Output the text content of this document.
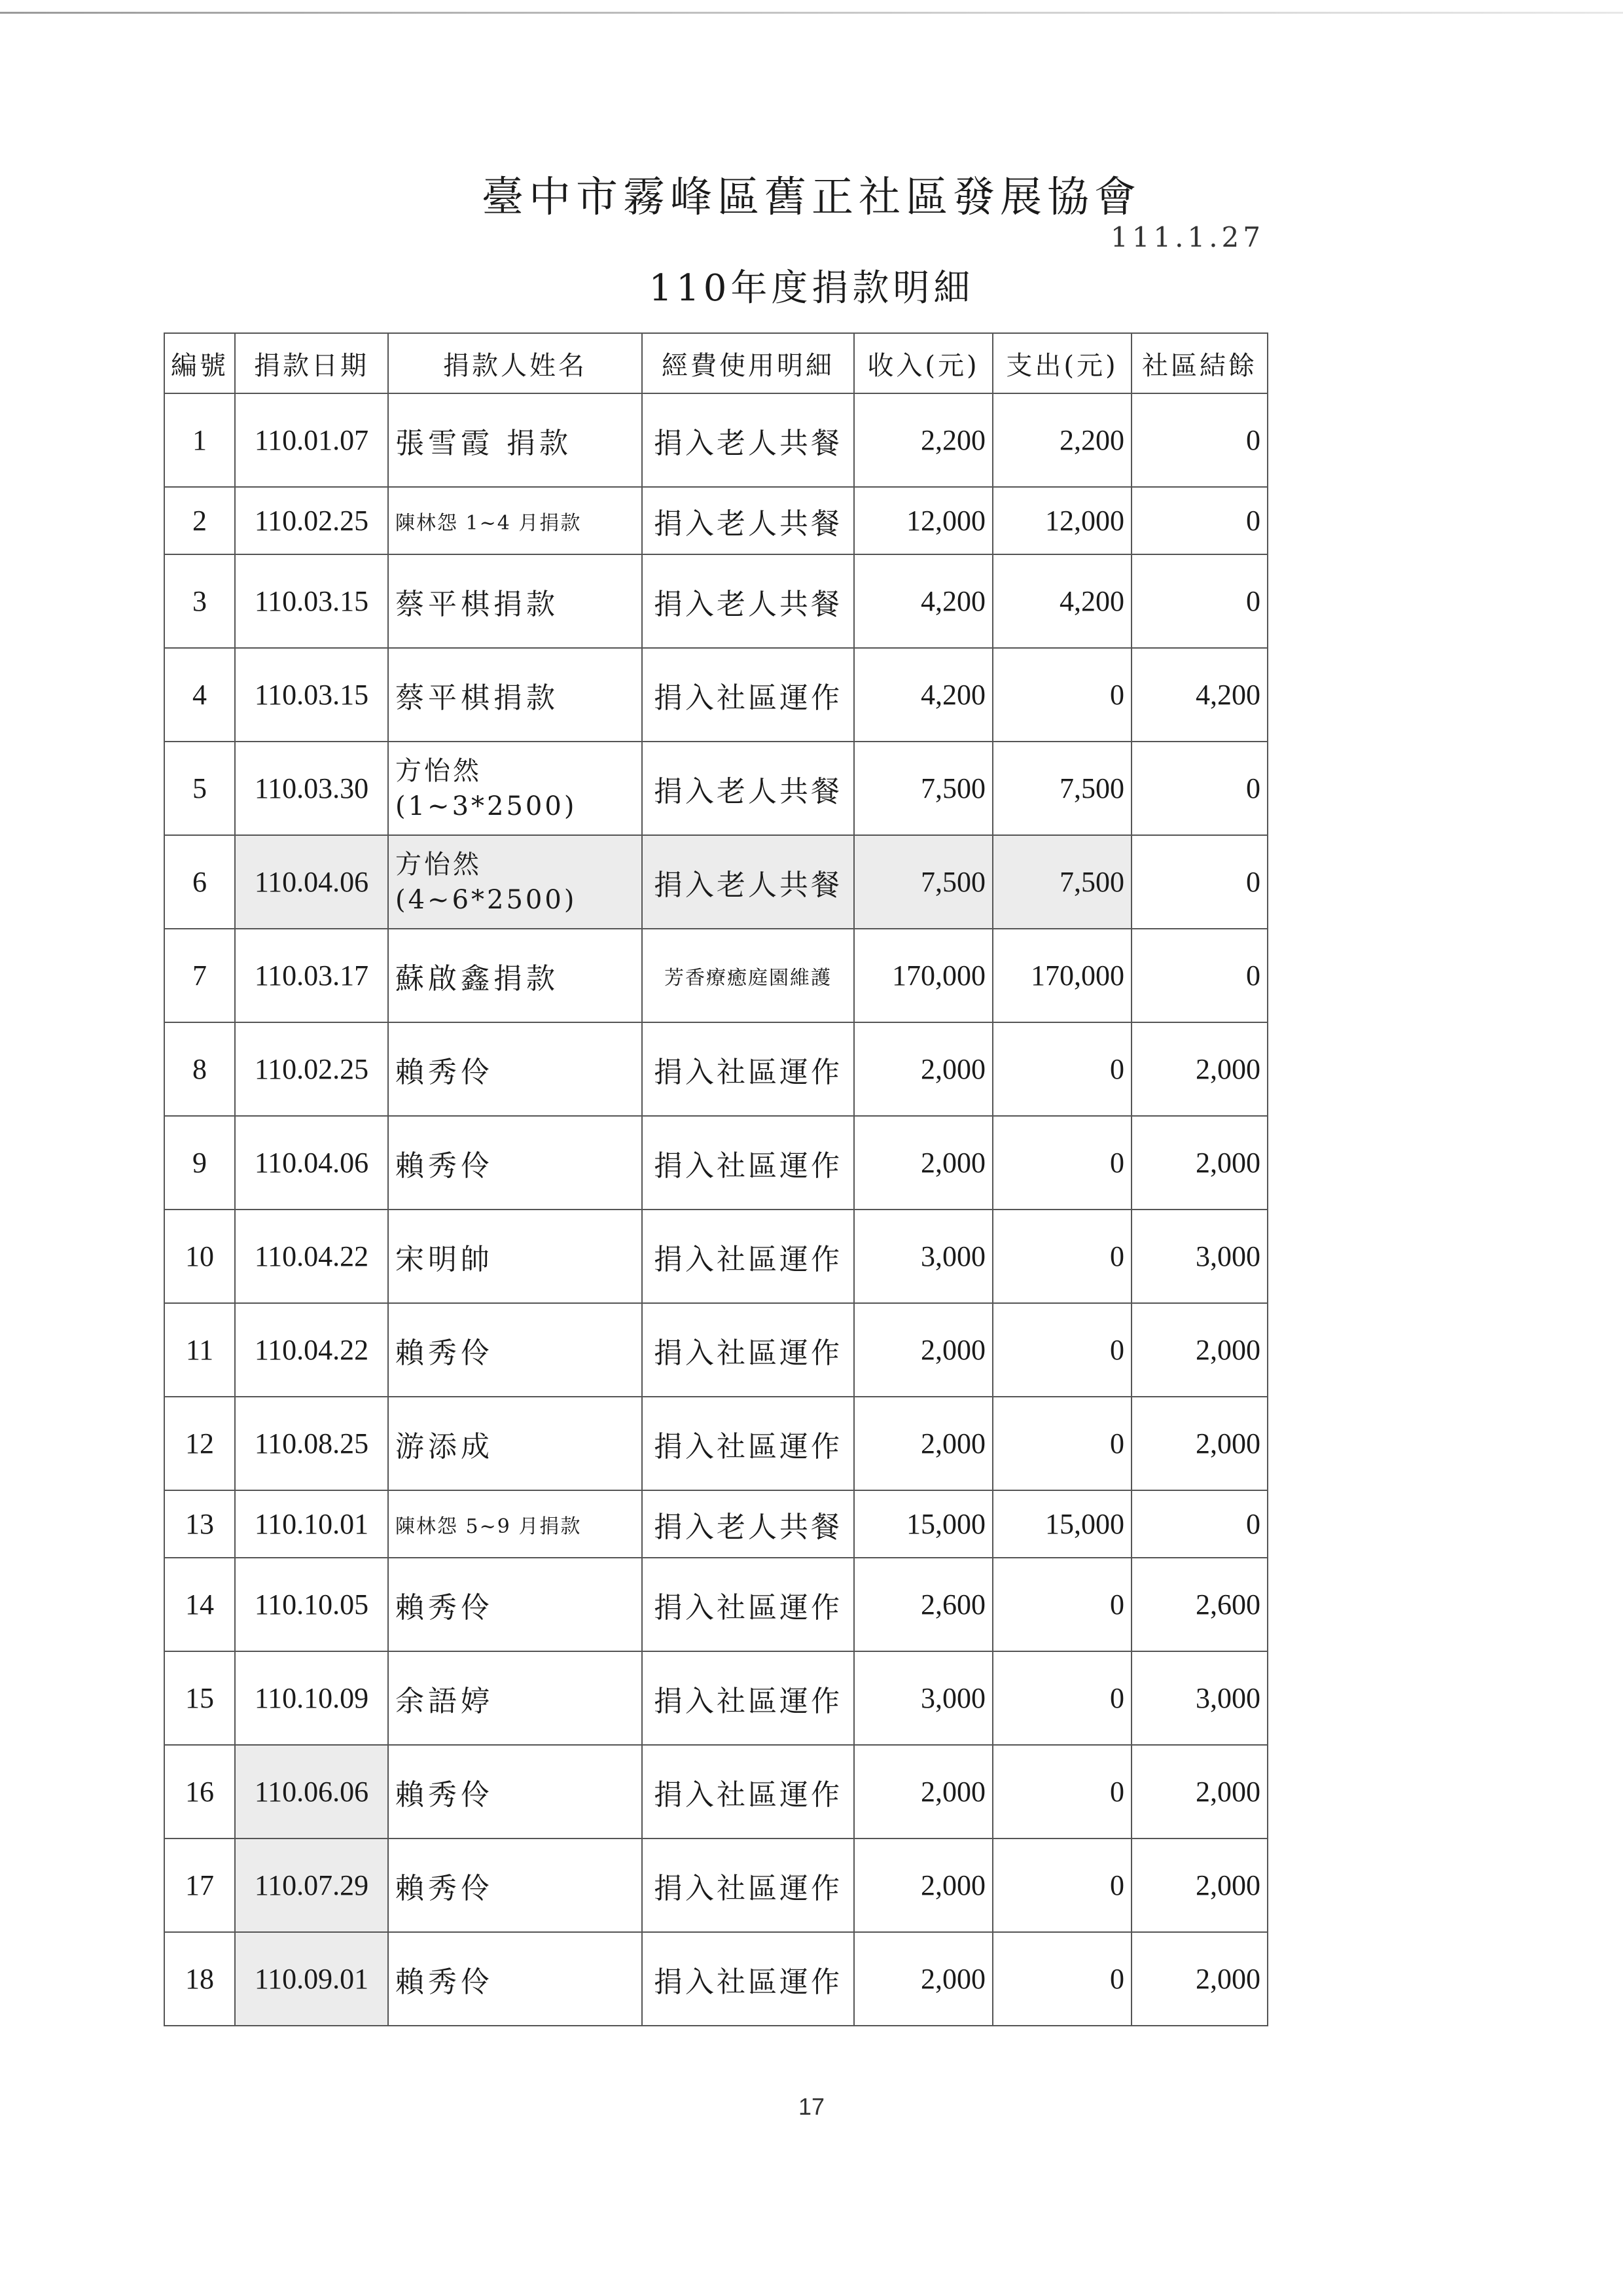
臺中市霧峰區舊正社區發展協會
111.1.27
110年度捐款明細
編號	捐款日期	捐款人姓名	經費使用明細	收入(元)	支出(元)	社區結餘
1	110.01.07	張雪霞 捐款	捐入老人共餐	2,200	2,200	0
2	110.02.25	陳林怨 1~4 月捐款	捐入老人共餐	12,000	12,000	0
3	110.03.15	蔡平棋捐款	捐入老人共餐	4,200	4,200	0
4	110.03.15	蔡平棋捐款	捐入社區運作	4,200	0	4,200
5	110.03.30	方怡然 (1~3*2500)	捐入老人共餐	7,500	7,500	0
6	110.04.06	方怡然 (4~6*2500)	捐入老人共餐	7,500	7,500	0
7	110.03.17	蘇啟鑫捐款	芳香療癒庭園維護	170,000	170,000	0
8	110.02.25	賴秀伶	捐入社區運作	2,000	0	2,000
9	110.04.06	賴秀伶	捐入社區運作	2,000	0	2,000
10	110.04.22	宋明帥	捐入社區運作	3,000	0	3,000
11	110.04.22	賴秀伶	捐入社區運作	2,000	0	2,000
12	110.08.25	游添成	捐入社區運作	2,000	0	2,000
13	110.10.01	陳林怨 5~9 月捐款	捐入老人共餐	15,000	15,000	0
14	110.10.05	賴秀伶	捐入社區運作	2,600	0	2,600
15	110.10.09	余語婷	捐入社區運作	3,000	0	3,000
16	110.06.06	賴秀伶	捐入社區運作	2,000	0	2,000
17	110.07.29	賴秀伶	捐入社區運作	2,000	0	2,000
18	110.09.01	賴秀伶	捐入社區運作	2,000	0	2,000
17
